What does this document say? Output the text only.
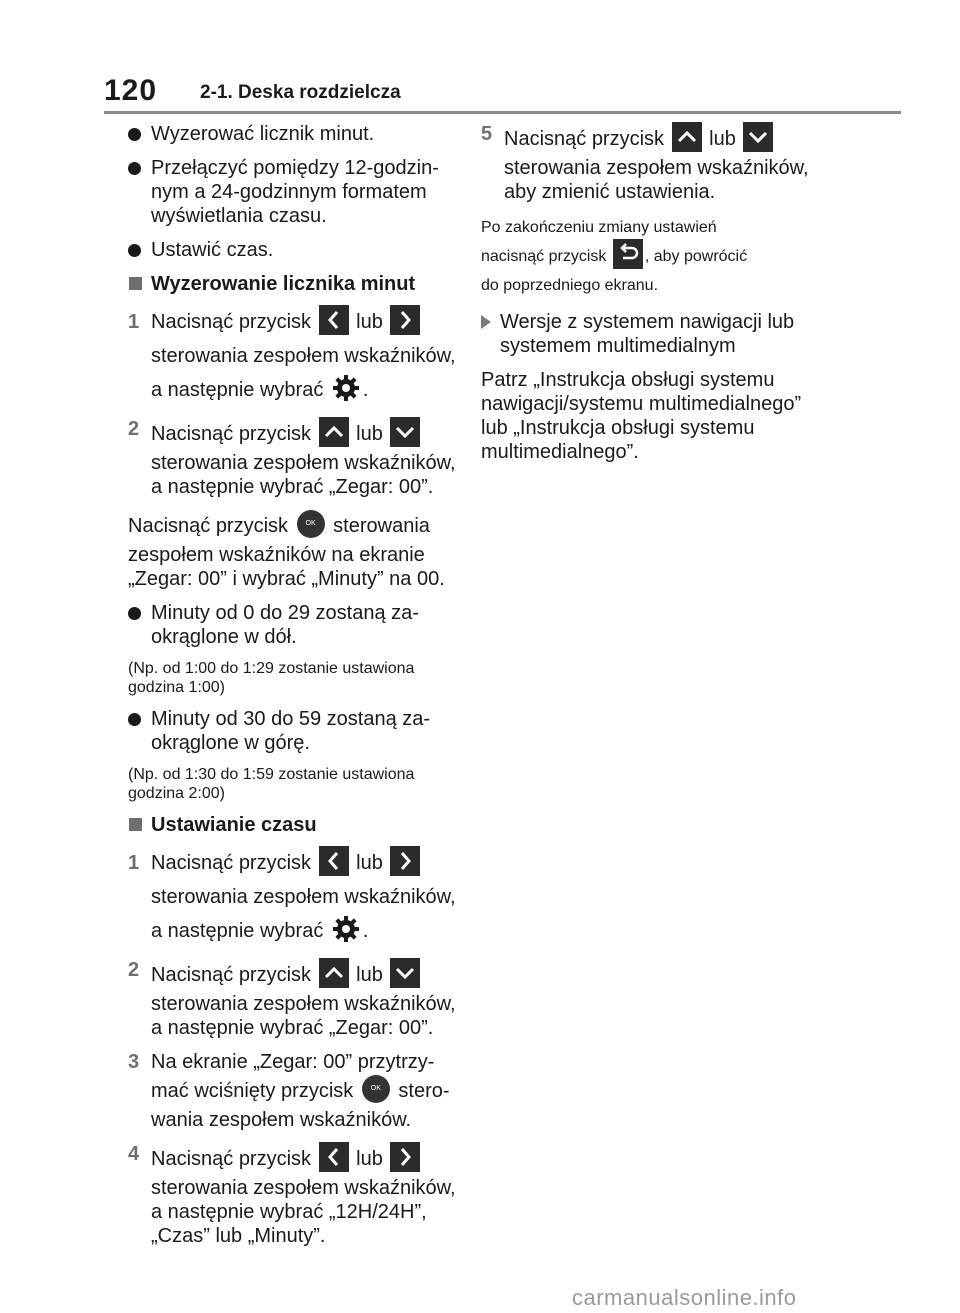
120 2-1. Deska rozdzielcza
Wyzerować licznik minut.
Przełączyć pomiędzy 12-godzin-
nym a 24-godzinnym formatem
wyświetlania czasu.
Ustawić czas.
Wyzerowanie licznika minut
1 Nacisnąć przycisk lub
sterowania zespołem wskaźników,
a następnie wybrać .
2 Nacisnąć przycisk lub
sterowania zespołem wskaźników,
a następnie wybrać „Zegar: 00”.
Nacisnąć przycisk	OK sterowania
zespołem wskaźników na ekranie
„Zegar: 00” i wybrać „Minuty” na 00.
Minuty od 0 do 29 zostaną za-
okrąglone w dół.
(Np. od 1:00 do 1:29 zostanie ustawiona
godzina 1:00)
Minuty od 30 do 59 zostaną za-
okrąglone w górę.
(Np. od 1:30 do 1:59 zostanie ustawiona
godzina 2:00)
Ustawianie czasu
1 Nacisnąć przycisk lub
sterowania zespołem wskaźników,
a następnie wybrać .
2 Nacisnąć przycisk lub
sterowania zespołem wskaźników,
a następnie wybrać „Zegar: 00”.
3 Na ekranie „Zegar: 00” przytrzy-
mać wciśnięty przycisk	OK stero-
wania zespołem wskaźników.
4 Nacisnąć przycisk lub
sterowania zespołem wskaźników,
a następnie wybrać „12H/24H”,
„Czas” lub „Minuty”.
5 Nacisnąć przycisk lub
sterowania zespołem wskaźników,
aby zmienić ustawienia.
Po zakończeniu zmiany ustawień
nacisnąć przycisk , aby powrócić
do poprzedniego ekranu.
Wersje z systemem nawigacji lub
systemem multimedialnym
Patrz „Instrukcja obsługi systemu
nawigacji/systemu multimedialnego”
lub „Instrukcja obsługi systemu
multimedialnego”.
carmanualsonline.info
